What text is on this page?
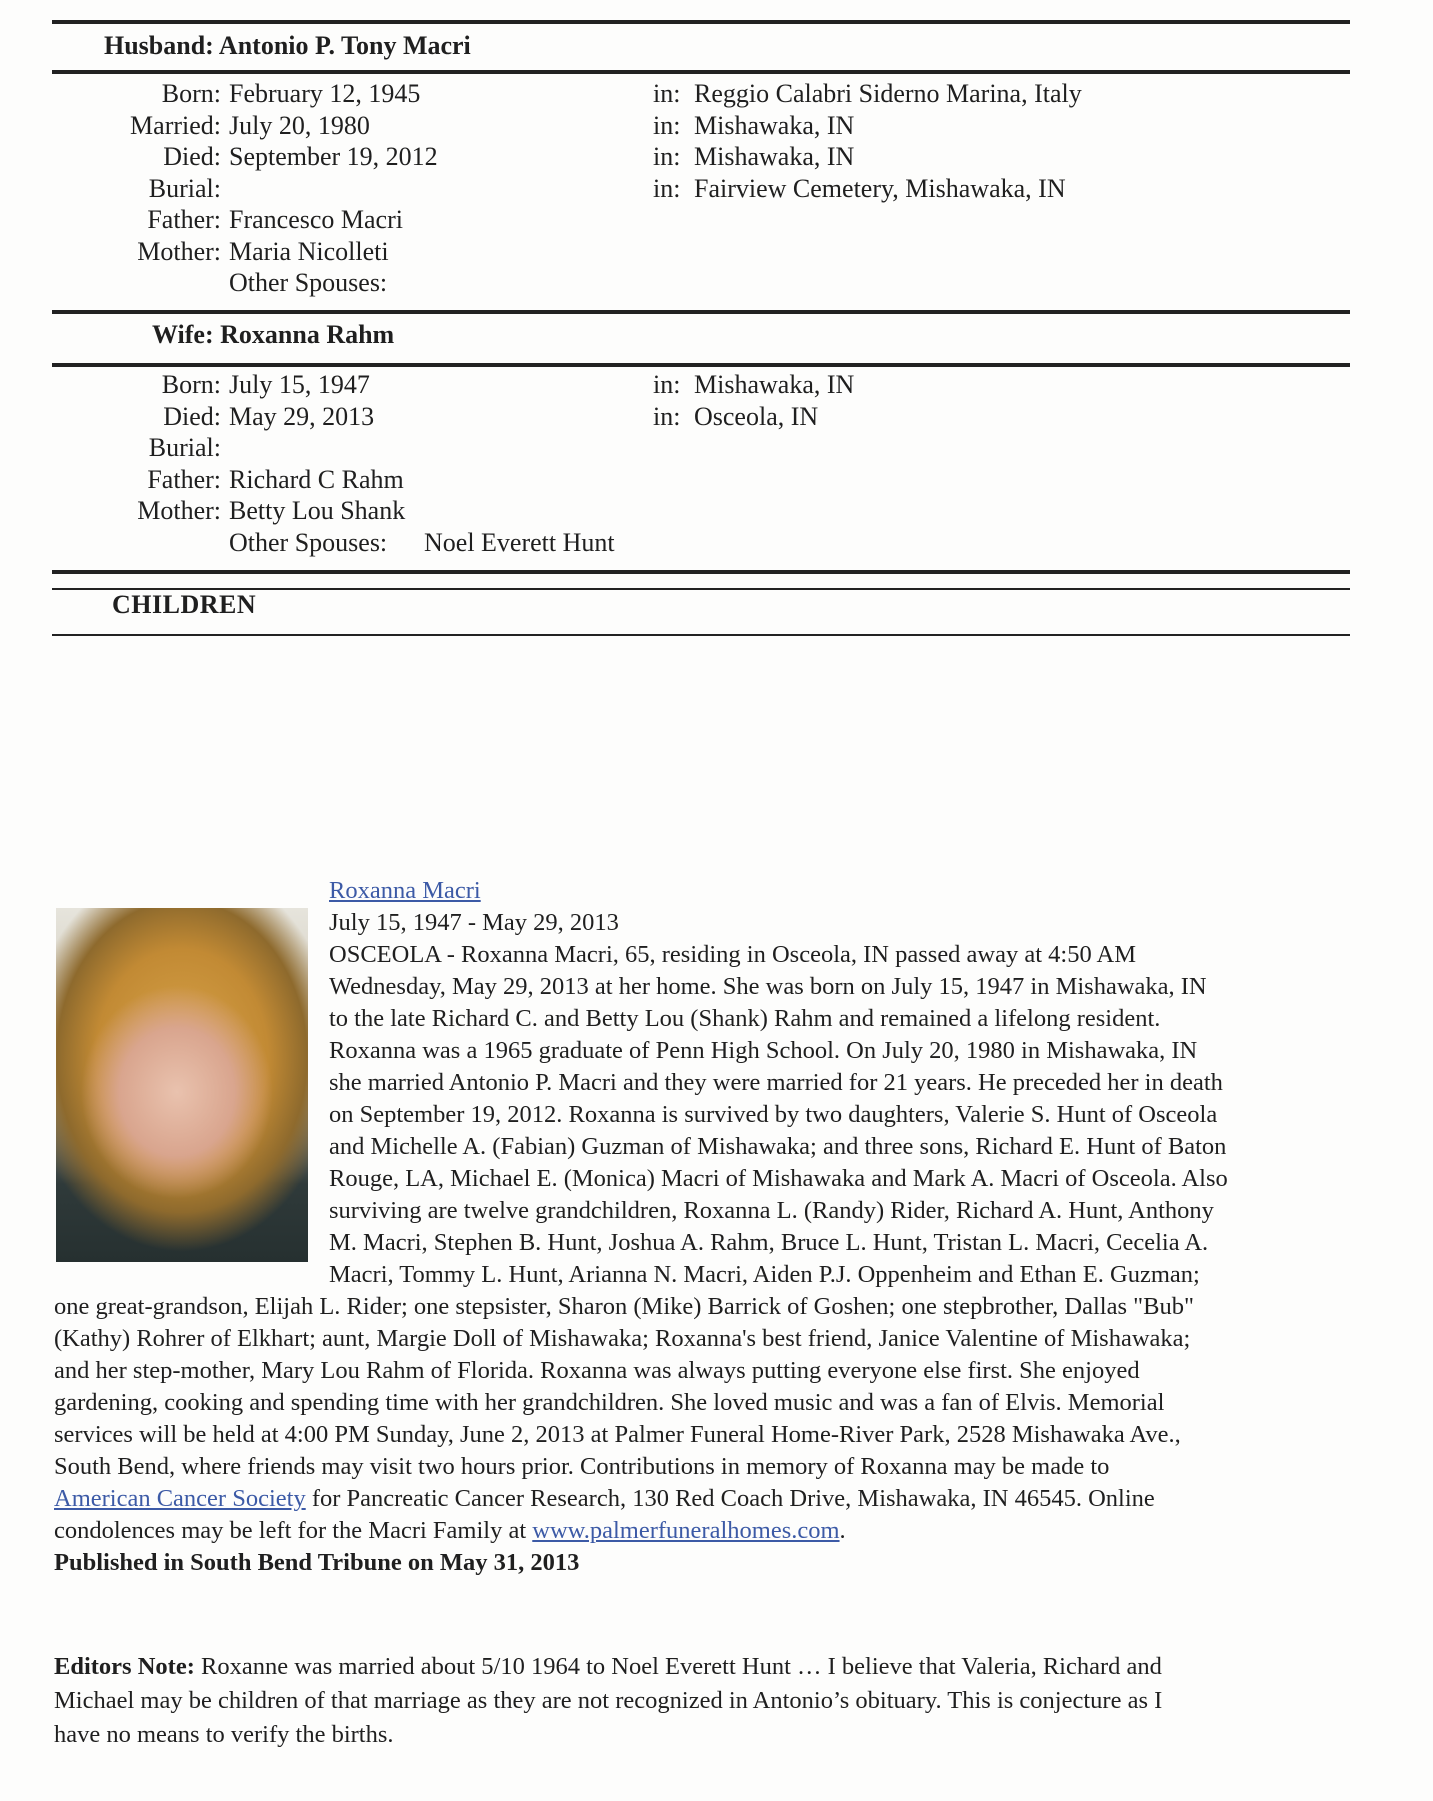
Husband: Antonio P. Tony Macri
Born: February 12, 1945	in: Reggio Calabri Siderno Marina, Italy
Married: July 20, 1980	in: Mishawaka, IN
Died: September 19, 2012	in: Mishawaka, IN
Burial:	in: Fairview Cemetery, Mishawaka, IN
Father: Francesco Macri
Mother: Maria Nicolleti
Other Spouses:
Wife: Roxanna Rahm
Born: July 15, 1947	in: Mishawaka, IN
Died: May 29, 2013	in: Osceola, IN
Burial:
Father: Richard C Rahm
Mother: Betty Lou Shank
Other Spouses: Noel Everett Hunt
CHILDREN
Roxanna Macri
July 15, 1947 - May 29, 2013
OSCEOLA - Roxanna Macri, 65, residing in Osceola, IN passed away at 4:50 AM
Wednesday, May 29, 2013 at her home. She was born on July 15, 1947 in Mishawaka, IN
to the late Richard C. and Betty Lou (Shank) Rahm and remained a lifelong resident.
Roxanna was a 1965 graduate of Penn High School. On July 20, 1980 in Mishawaka, IN
she married Antonio P. Macri and they were married for 21 years. He preceded her in death
on September 19, 2012. Roxanna is survived by two daughters, Valerie S. Hunt of Osceola
and Michelle A. (Fabian) Guzman of Mishawaka; and three sons, Richard E. Hunt of Baton
Rouge, LA, Michael E. (Monica) Macri of Mishawaka and Mark A. Macri of Osceola. Also
surviving are twelve grandchildren, Roxanna L. (Randy) Rider, Richard A. Hunt, Anthony
M. Macri, Stephen B. Hunt, Joshua A. Rahm, Bruce L. Hunt, Tristan L. Macri, Cecelia A.
Macri, Tommy L. Hunt, Arianna N. Macri, Aiden P.J. Oppenheim and Ethan E. Guzman;
one great-grandson, Elijah L. Rider; one stepsister, Sharon (Mike) Barrick of Goshen; one stepbrother, Dallas "Bub"
(Kathy) Rohrer of Elkhart; aunt, Margie Doll of Mishawaka; Roxanna's best friend, Janice Valentine of Mishawaka;
and her step-mother, Mary Lou Rahm of Florida. Roxanna was always putting everyone else first. She enjoyed
gardening, cooking and spending time with her grandchildren. She loved music and was a fan of Elvis. Memorial
services will be held at 4:00 PM Sunday, June 2, 2013 at Palmer Funeral Home-River Park, 2528 Mishawaka Ave.,
South Bend, where friends may visit two hours prior. Contributions in memory of Roxanna may be made to
American Cancer Society for Pancreatic Cancer Research, 130 Red Coach Drive, Mishawaka, IN 46545. Online
condolences may be left for the Macri Family at www.palmerfuneralhomes.com.
Published in South Bend Tribune on May 31, 2013
Editors Note: Roxanne was married about 5/10 1964 to Noel Everett Hunt … I believe that Valeria, Richard and
Michael may be children of that marriage as they are not recognized in Antonio’s obituary. This is conjecture as I
have no means to verify the births.
